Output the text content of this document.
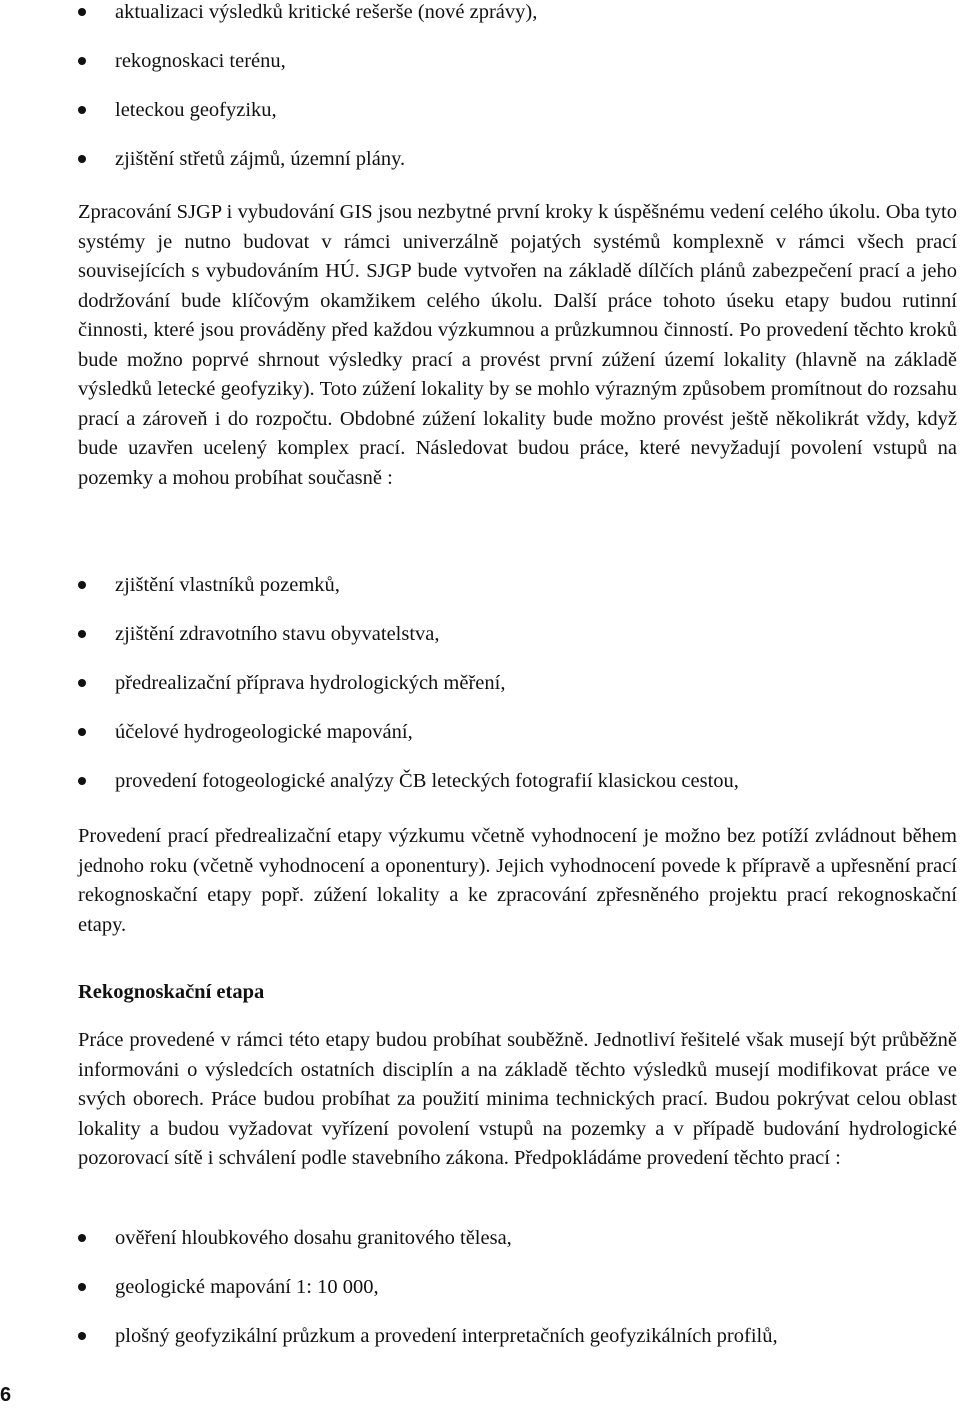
aktualizaci výsledků kritické rešerše (nové zprávy),
rekognoskaci terénu,
leteckou geofyziku,
zjištění střetů zájmů, územní plány.

Zpracování SJGP i vybudování GIS jsou nezbytné první kroky k úspěšnému vedení celého úkolu. Oba tyto systémy je nutno budovat v rámci univerzálně pojatých systémů komplexně v rámci všech prací souvisejících s vybudováním HÚ. SJGP bude vytvořen na základě dílčích plánů zabezpečení prací a jeho dodržování bude klíčovým okamžikem celého úkolu. Další práce tohoto úseku etapy budou rutinní činnosti, které jsou prováděny před každou výzkumnou a průzkumnou činností. Po provedení těchto kroků bude možno poprvé shrnout výsledky prací a provést první zúžení území lokality (hlavně na základě výsledků letecké geofyziky). Toto zúžení lokality by se mohlo výrazným způsobem promítnout do rozsahu prací a zároveň i do rozpočtu. Obdobné zúžení lokality bude možno provést ještě několikrát vždy, když bude uzavřen ucelený komplex prací. Následovat budou práce, které nevyžadují povolení vstupů na pozemky a mohou probíhat současně :

zjištění vlastníků pozemků,
zjištění zdravotního stavu obyvatelstva,
předrealizační příprava hydrologických měření,
účelové hydrogeologické mapování,
provedení fotogeologické analýzy ČB leteckých fotografií klasickou cestou,

Provedení prací předrealizační etapy výzkumu včetně vyhodnocení je možno bez potíží zvládnout během jednoho roku (včetně vyhodnocení a oponentury). Jejich vyhodnocení povede k přípravě a upřesnění prací rekognoskační etapy popř. zúžení lokality a ke zpracování zpřesněného projektu prací rekognoskační etapy.

Rekognoskační etapa

Práce provedené v rámci této etapy budou probíhat souběžně. Jednotliví řešitelé však musejí být průběžně informováni o výsledcích ostatních disciplín a na základě těchto výsledků musejí modifikovat práce ve svých oborech. Práce budou probíhat za použití minima technických prací. Budou pokrývat celou oblast lokality a budou vyžadovat vyřízení povolení vstupů na pozemky a v případě budování hydrologické pozorovací sítě i schválení podle stavebního zákona. Předpokládáme provedení těchto prací :

ověření hloubkového dosahu granitového tělesa,
geologické mapování 1: 10 000,
plošný geofyzikální průzkum a provedení interpretačních geofyzikálních profilů,
6
